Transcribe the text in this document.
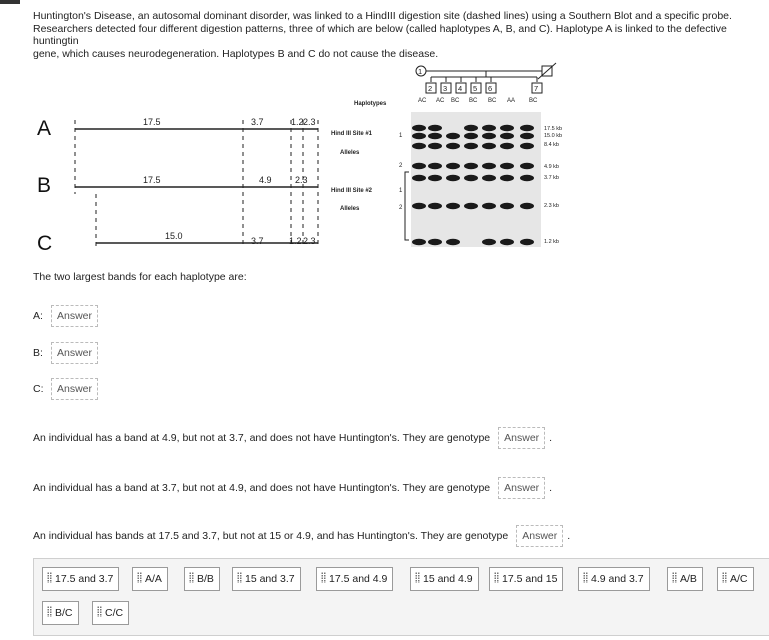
Huntington's Disease, an autosomal dominant disorder, was linked to a HindIII digestion site (dashed lines) using a Southern Blot and a specific probe.
Researchers detected four different digestion patterns, three of which are below (called haplotypes A, B, and C). Haplotype A is linked to the defective huntingtin
gene, which causes neurodegeneration. Haplotypes B and C do not cause the disease.
A
B
C
17.5	3.7	1.2 2.3
17.5	4.9	2.3
15.0	3.7	1.2 2.3
1
2 3 4 5 6	7
Haplotypes	AC AC BC BC BC AA BC
Hind III Site #1
Alleles
Hind III Site #2
Alleles
1
2
2
1
17.5 kb
15.0 kb
8.4 kb
4.9 kb
3.7 kb
2.3 kb
1.2 kb
The two largest bands for each haplotype are:
A:	Answer
B:	Answer
C:	Answer
An individual has a band at 4.9, but not at 3.7, and does not have Huntington's. They are genotype	Answer .
An individual has a band at 3.7, but not at 4.9, and does not have Huntington's. They are genotype	Answer .
An individual has bands at 17.5 and 3.7, but not at 15 or 4.9, and has Huntington's. They are genotype	Answer .
17.5 and 3.7	A/A	B/B	15 and 3.7	17.5 and 4.9	15 and 4.9	17.5 and 15	4.9 and 3.7	A/B	A/C
B/C	C/C
